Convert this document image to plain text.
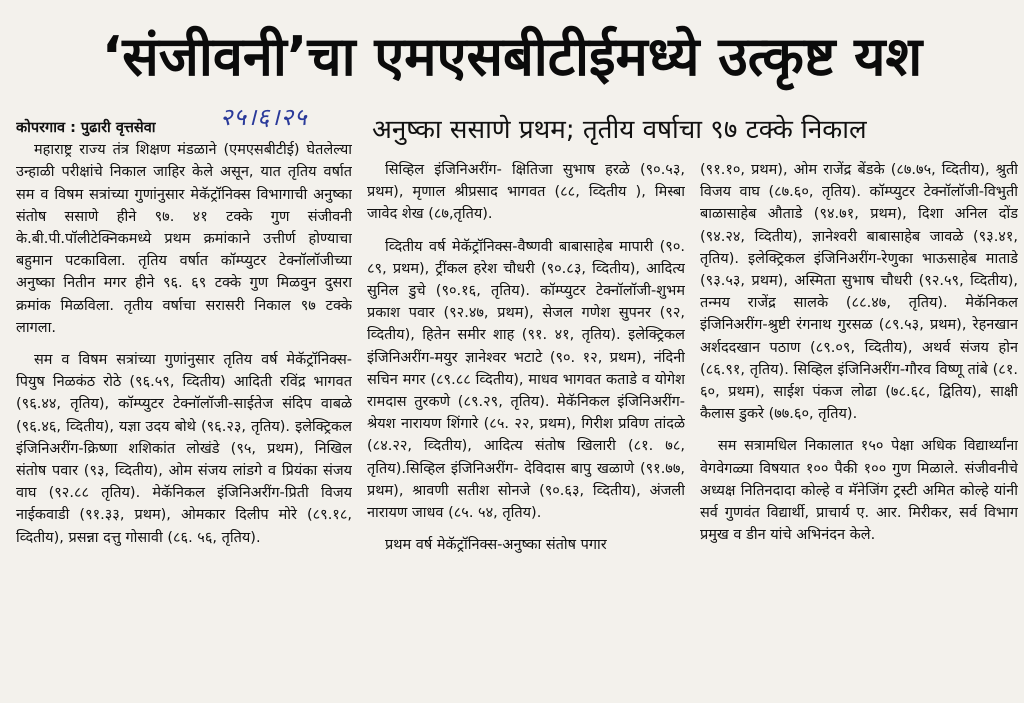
‘संजीवनी’चा एमएसबीटीईमध्ये उत्कृष्ट यश
२५।६।२५ अनुष्का ससाणे प्रथम; तृतीय वर्षाचा ९७ टक्के निकाल

कोपरगाव : पुढारी वृत्तसेवा

महाराष्ट्र राज्य तंत्र शिक्षण मंडळाने (एमएसबीटीई) घेतलेल्या उन्हाळी परीक्षांचे निकाल जाहिर केले असून, यात तृतिय वर्षात सम व विषम सत्रांच्या गुणांनुसार मेकॅट्रॉनिक्स विभागाची अनुष्का संतोष ससाणे हीने ९७. ४१ टक्के गुण संजीवनी के.बी.पी.पॉलीटेक्निकमध्ये प्रथम क्रमांकाने उत्तीर्ण होण्याचा बहुमान पटकाविला. तृतिय वर्षात कॉम्प्युटर टेक्नॉलॉजीच्या अनुष्का नितीन मगर हीने ९६. ६९ टक्के गुण मिळवुन दुसरा क्रमांक मिळविला. तृतीय वर्षाचा सरासरी निकाल ९७ टक्के लागला.

सम व विषम सत्रांच्या गुणांनुसार तृतिय वर्ष मेकॅट्रॉनिक्स- पियुष निळकंठ रोठे (९६.५९, व्दितीय) आदिती रविंद्र भागवत (९६.४४, तृतिय), कॉम्प्युटर टेक्नॉलॉजी-साईतेज संदिप वाबळे (९६.४६, व्दितीय), यज्ञा उदय बोथे (९६.२३, तृतिय). इलेक्ट्रिकल इंजिनिअरींग-क्रिष्णा शशिकांत लोखंडे (९५, प्रथम), निखिल संतोष पवार (९३, व्दितीय), ओम संजय लांडगे व प्रियंका संजय वाघ (९२.८८ तृतिय). मेकॅनिकल इंजिनिअरींग-प्रिती विजय नाईकवाडी (९१.३३, प्रथम), ओमकार दिलीप मोरे (८९.१८, व्दितीय), प्रसन्ना दत्तु गोसावी (८६. ५६, तृतिय).

सिव्हिल इंजिनिअरींग- क्षितिजा सुभाष हरळे (९०.५३, प्रथम), मृणाल श्रीप्रसाद भागवत (८८, व्दितीय ), मिस्बा जावेद शेख (८७,तृतिय).

व्दितीय वर्ष मेकॅट्रॉनिक्स-वैष्णवी बाबासाहेब मापारी (९०. ८९, प्रथम), ट्रींकल हरेश चौधरी (९०.८३, व्दितीय), आदित्य सुनिल डुचे (९०.१६, तृतिय). कॉम्प्युटर टेक्नॉलॉजी-शुभम प्रकाश पवार (९२.४७, प्रथम), सेजल गणेश सुपनर (९२, व्दितीय), हितेन समीर शाह (९१. ४१, तृतिय). इलेक्ट्रिकल इंजिनिअरींग-मयुर ज्ञानेश्वर भटाटे (९०. १२, प्रथम), नंदिनी सचिन मगर (८९.८८ व्दितीय), माधव भागवत कताडे व योगेश रामदास तुरकणे (८९.२९, तृतिय). मेकॅनिकल इंजिनिअरींग-श्रेयश नारायण शिंगारे (८५. २२, प्रथम), गिरीश प्रविण तांदळे (८४.२२, व्दितीय), आदित्य संतोष खिलारी (८१. ७८, तृतिय).सिव्हिल इंजिनिअरींग- देविदास बापु खळाणे (९१.७७, प्रथम), श्रावणी सतीश सोनजे (९०.६३, व्दितीय), अंजली नारायण जाधव (८५. ५४, तृतिय).

प्रथम वर्ष मेकॅट्रॉनिक्स-अनुष्का संतोष पगार

(९१.१०, प्रथम), ओम राजेंद्र बेंडके (८७.७५, व्दितीय), श्रुती विजय वाघ (८७.६०, तृतिय). कॉम्प्युटर टेक्नॉलॉजी-विभुती बाळासाहेब औताडे (९४.७१, प्रथम), दिशा अनिल दोंड (९४.२४, व्दितीय), ज्ञानेश्वरी बाबासाहेब जावळे (९३.४१, तृतिय). इलेक्ट्रिकल इंजिनिअरींग-रेणुका भाऊसाहेब माताडे (९३.५३, प्रथम), अस्मिता सुभाष चौधरी (९२.५९, व्दितीय), तन्मय राजेंद्र सालके (८८.४७, तृतिय). मेकॅनिकल इंजिनिअरींग-श्रुष्टी रंगनाथ गुरसळ (८९.५३, प्रथम), रेहनखान अर्शददखान पठाण (८९.०९, व्दितीय), अथर्व संजय होन (८६.९१, तृतिय). सिव्हिल इंजिनिअरींग-गौरव विष्णू तांबे (८१. ६०, प्रथम), साईश पंकज लोढा (७८.६८, द्वितिय), साक्षी कैलास डुकरे (७७.६०, तृतिय).

सम सत्रामधिल निकालात १५० पेक्षा अधिक विद्यार्थ्यांना वेगवेगळ्या विषयात १०० पैकी १०० गुण मिळाले. संजीवनीचे अध्यक्ष नितिनदादा कोल्हे व मॅनेजिंग ट्रस्टी अमित कोल्हे यांनी सर्व गुणवंत विद्यार्थी, प्राचार्य ए. आर. मिरीकर, सर्व विभाग प्रमुख व डीन यांचे अभिनंदन केले.
